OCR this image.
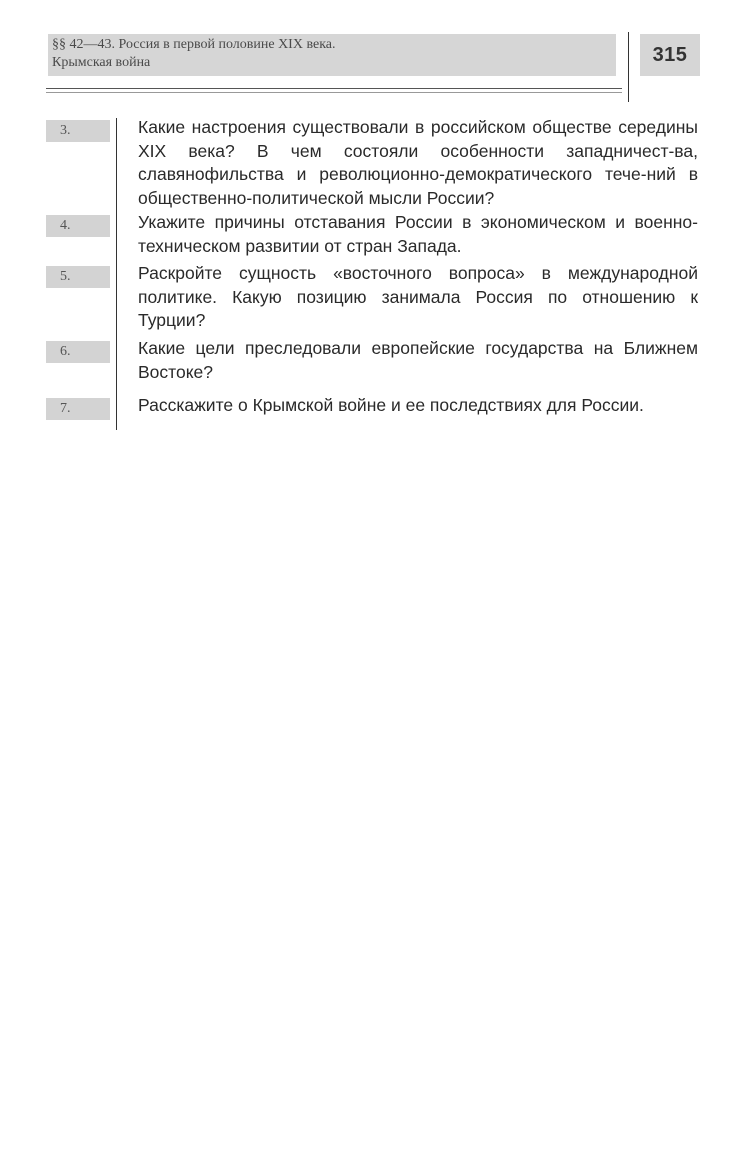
§§ 42—43. Россия в первой половине XIX века.
Крымская война	315
3.	Какие настроения существовали в российском обществе середины XIX века? В чем состояли особенности западничест-ва, славянофильства и революционно-демократического тече-ний в общественно-политической мысли России?
4.	Укажите причины отставания России в экономическом и военно-техническом развитии от стран Запада.
5.	Раскройте сущность «восточного вопроса» в международной политике. Какую позицию занимала Россия по отношению к Турции?
6.	Какие цели преследовали европейские государства на Ближнем Востоке?
7.	Расскажите о Крымской войне и ее последствиях для России.
